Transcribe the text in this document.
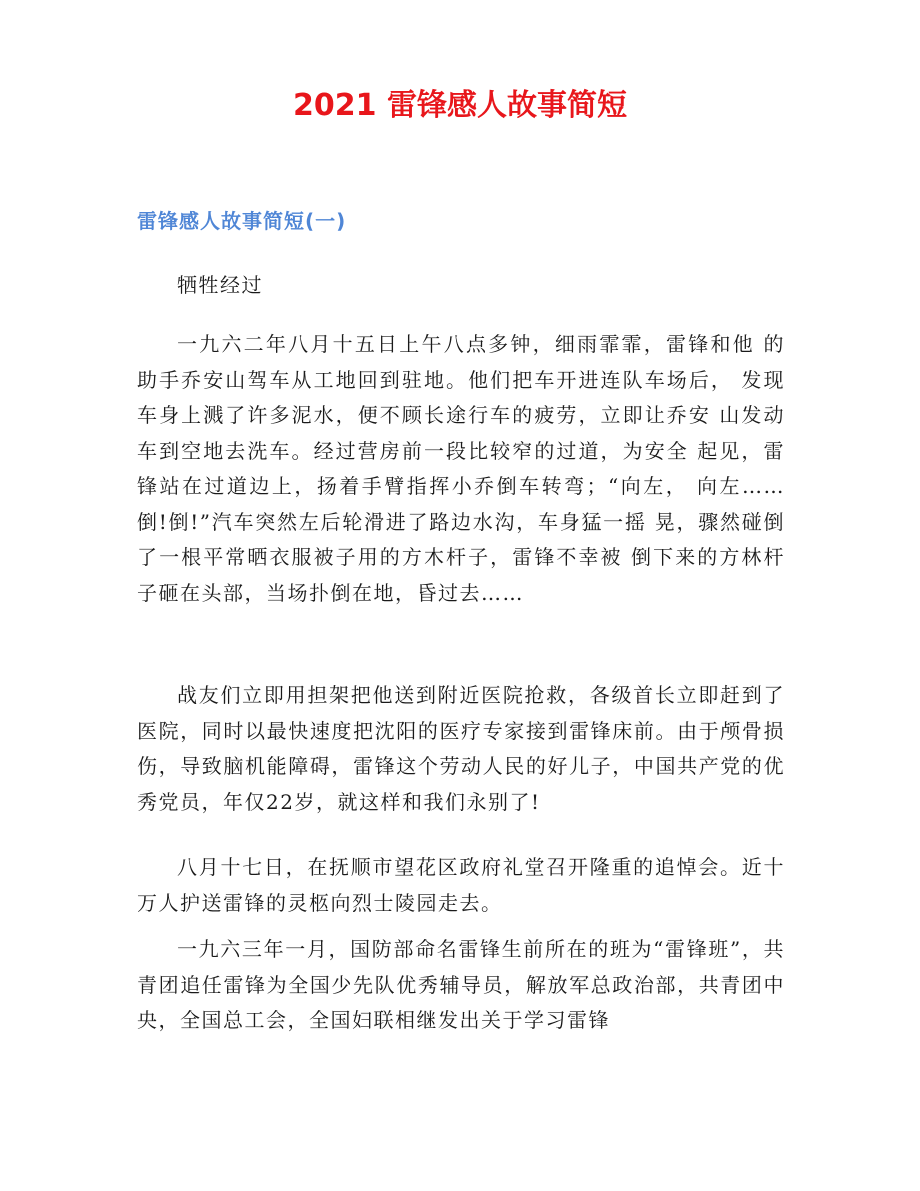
2021 雷锋感人故事简短
雷锋感人故事简短(一)

牺牲经过

一九六二年八月十五日上午八点多钟，细雨霏霏，雷锋和他 的助手乔安山驾车从工地回到驻地。他们把车开进连队车场后， 发现车身上溅了许多泥水，便不顾长途行车的疲劳，立即让乔安 山发动车到空地去洗车。经过营房前一段比较窄的过道，为安全 起见，雷锋站在过道边上，扬着手臂指挥小乔倒车转弯；“向左， 向左……倒!倒!”汽车突然左后轮滑进了路边水沟，车身猛一摇 晃，骤然碰倒了一根平常晒衣服被子用的方木杆子，雷锋不幸被 倒下来的方林杆子砸在头部，当场扑倒在地，昏过去……

战友们立即用担架把他送到附近医院抢救，各级首长立即赶到了医院，同时以最快速度把沈阳的医疗专家接到雷锋床前。由于颅骨损伤，导致脑机能障碍，雷锋这个劳动人民的好儿子，中国共产党的优秀党员，年仅22岁，就这样和我们永别了!

八月十七日，在抚顺市望花区政府礼堂召开隆重的追悼会。近十万人护送雷锋的灵柩向烈士陵园走去。

一九六三年一月，国防部命名雷锋生前所在的班为“雷锋班”，共青团追任雷锋为全国少先队优秀辅导员，解放军总政治部，共青团中央，全国总工会，全国妇联相继发出关于学习雷锋
